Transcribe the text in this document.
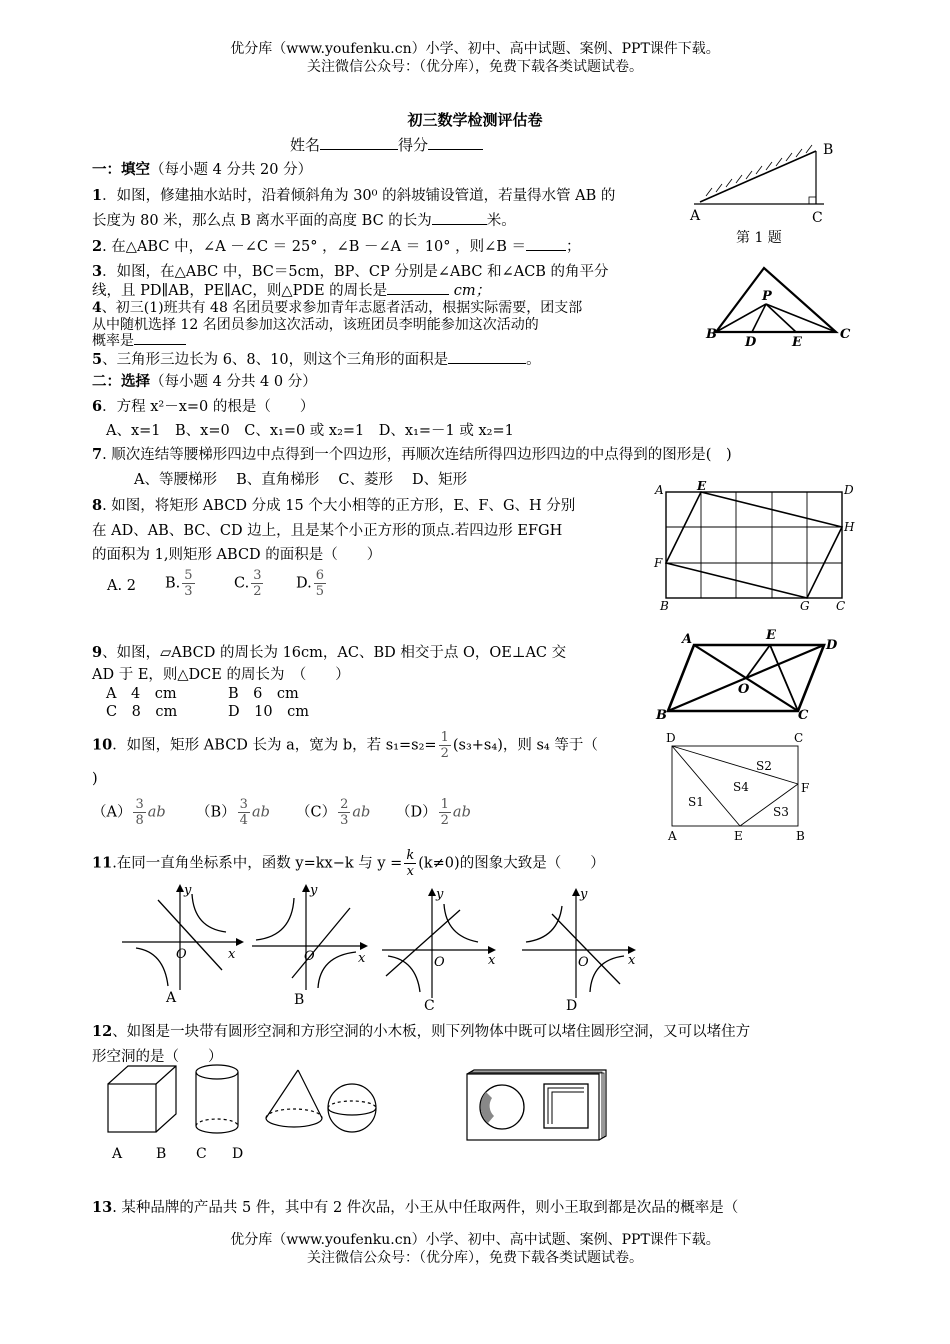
优分库（www.youfenku.cn）小学、初中、高中试题、案例、PPT课件下载。
关注微信公众号：（优分库），免费下载各类试题试卷。
初三数学检测评估卷
姓名	得分
一：填空（每小题 4 分共 20 分）
1．如图，修建抽水站时，沿着倾斜角为 30⁰ 的斜坡铺设管道，若量得水管 AB 的
长度为 80 米，那么点 B 离水平面的高度 BC 的长为	米。	A
B
C
第 1 题
2. 在△ABC 中，∠A －∠C ＝ 25° ，∠B －∠A ＝ 10° ，则∠B ＝	；
3．如图，在△ABC 中，BC＝5cm，BP、CP 分别是∠ABC 和∠ACB 的角平分
线，且 PD∥AB，PE∥AC，则△PDE 的周长是	cm；
B	C
P
D	E
4、初三(1)班共有 48 名团员要求参加青年志愿者活动，根据实际需要，团支部
从中随机选择 12 名团员参加这次活动，该班团员李明能参加这次活动的
概率是
5、三角形三边长为 6、8、10，则这个三角形的面积是	。
二：选择（每小题 4 分共 4 0 分）
6．方程 x²－x=0 的根是（　　）
A、x=1　B、x=0　C、x₁=0 或 x₂=1　D、x₁=－1 或 x₂=1
7. 顺次连结等腰梯形四边中点得到一个四边形，再顺次连结所得四边形四边的中点得到的图形是(　)
A、等腰梯形　 B、直角梯形　 C、菱形　 D、矩形
8. 如图，将矩形 ABCD 分成 15 个大小相等的正方形，E、F、G、H 分别
在 AD、AB、BC、CD 边上，且是某个小正方形的顶点.若四边形 EFGH
的面积为 1,则矩形 ABCD 的面积是（　　）
A. 2 B. $\frac{5}{3}$	C. $\frac{3}{2} D$. $\frac{6}{5}$
A	E	D
H
F
B	G C
9、如图，▱ABCD 的周长为 16cm，AC、BD 相交于点 O，OE⊥AC 交
AD 于 E，则△DCE 的周长为　（　　）
A　4　cm	B　6　cm
C　8　cm	D　10　cm
A	E
D
O
B	C
10．如图，矩形 ABCD 长为 a，宽为 b，若 $s_1=s_2= \frac{1}{2} (s_3+s_4)$，则 s₄ 等于（
)
$(A) \frac{3}{8}$ ab $(B) \frac{3}{4}$ ab $(C) \frac{2}{3}$ ab $(D) \frac{1}{2}$ ab
D	C
S1
S2
S3
S4	F
A	E	B
11.在同一直角坐标系中，函数 y=kx−k 与 $y = \frac{k}{x} (k\ne 0)$的图象大致是（　　）
y
x
O
A
y
x
O
B
y
x
O
C
y
x
O
D
12、如图是一块带有圆形空洞和方形空洞的小木板，则下列物体中既可以堵住圆形空洞，又可以堵住方
形空洞的是（　　）
A B C D
13. 某种品牌的产品共 5 件，其中有 2 件次品，小王从中任取两件，则小王取到都是次品的概率是（
优分库（www.youfenku.cn）小学、初中、高中试题、案例、PPT课件下载。
关注微信公众号：（优分库），免费下载各类试题试卷。
